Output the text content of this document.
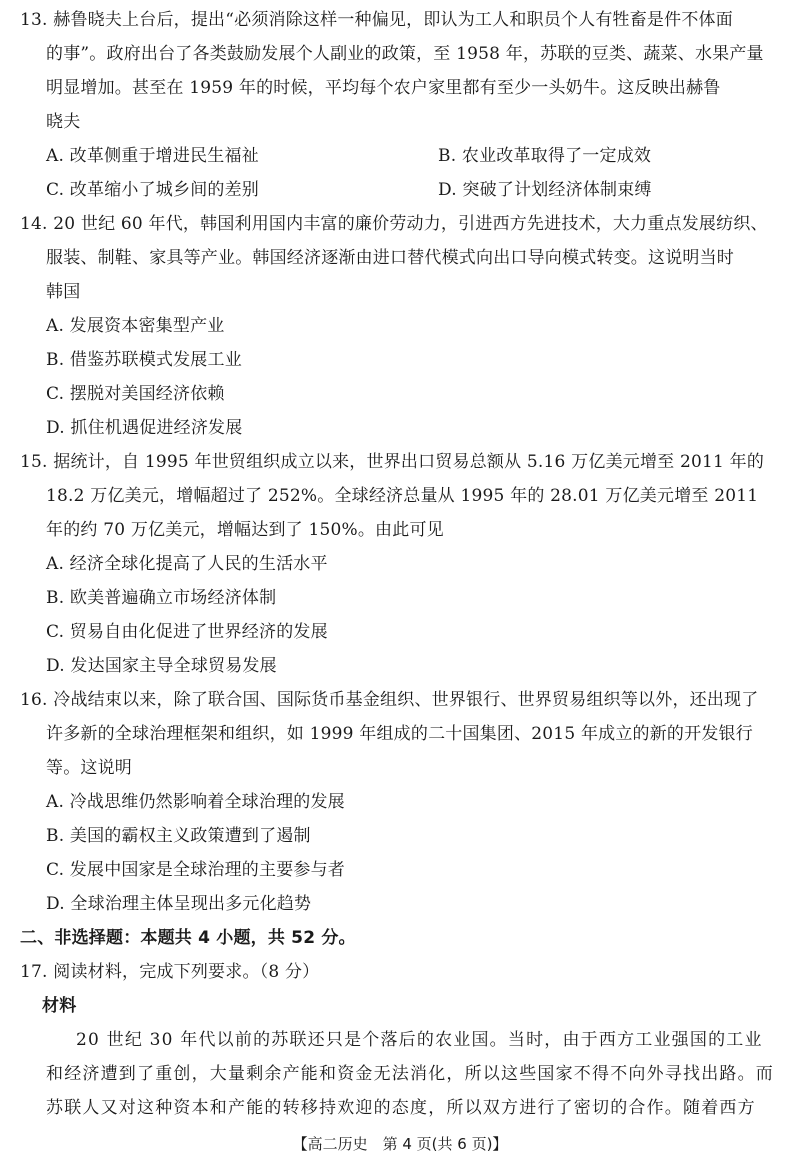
13. 赫鲁晓夫上台后，提出“必须消除这样一种偏见，即认为工人和职员个人有牲畜是件不体面
的事”。政府出台了各类鼓励发展个人副业的政策，至 1958 年，苏联的豆类、蔬菜、水果产量
明显增加。甚至在 1959 年的时候，平均每个农户家里都有至少一头奶牛。这反映出赫鲁
晓夫
A. 改革侧重于增进民生福祉	B. 农业改革取得了一定成效
C. 改革缩小了城乡间的差别	D. 突破了计划经济体制束缚
14. 20 世纪 60 年代，韩国利用国内丰富的廉价劳动力，引进西方先进技术，大力重点发展纺织、
服装、制鞋、家具等产业。韩国经济逐渐由进口替代模式向出口导向模式转变。这说明当时
韩国
A. 发展资本密集型产业
B. 借鉴苏联模式发展工业
C. 摆脱对美国经济依赖
D. 抓住机遇促进经济发展
15. 据统计，自 1995 年世贸组织成立以来，世界出口贸易总额从 5.16 万亿美元增至 2011 年的
18.2 万亿美元，增幅超过了 252%。全球经济总量从 1995 年的 28.01 万亿美元增至 2011
年的约 70 万亿美元，增幅达到了 150%。由此可见
A. 经济全球化提高了人民的生活水平
B. 欧美普遍确立市场经济体制
C. 贸易自由化促进了世界经济的发展
D. 发达国家主导全球贸易发展
16. 冷战结束以来，除了联合国、国际货币基金组织、世界银行、世界贸易组织等以外，还出现了
许多新的全球治理框架和组织，如 1999 年组成的二十国集团、2015 年成立的新的开发银行
等。这说明
A. 冷战思维仍然影响着全球治理的发展
B. 美国的霸权主义政策遭到了遏制
C. 发展中国家是全球治理的主要参与者
D. 全球治理主体呈现出多元化趋势
二、非选择题：本题共 4 小题，共 52 分。
17. 阅读材料，完成下列要求。（8 分）
材料
20 世纪 30 年代以前的苏联还只是个落后的农业国。当时，由于西方工业强国的工业
和经济遭到了重创，大量剩余产能和资金无法消化，所以这些国家不得不向外寻找出路。而
苏联人又对这种资本和产能的转移持欢迎的态度，所以双方进行了密切的合作。随着西方
【高二历史　第 4 页(共 6 页)】
